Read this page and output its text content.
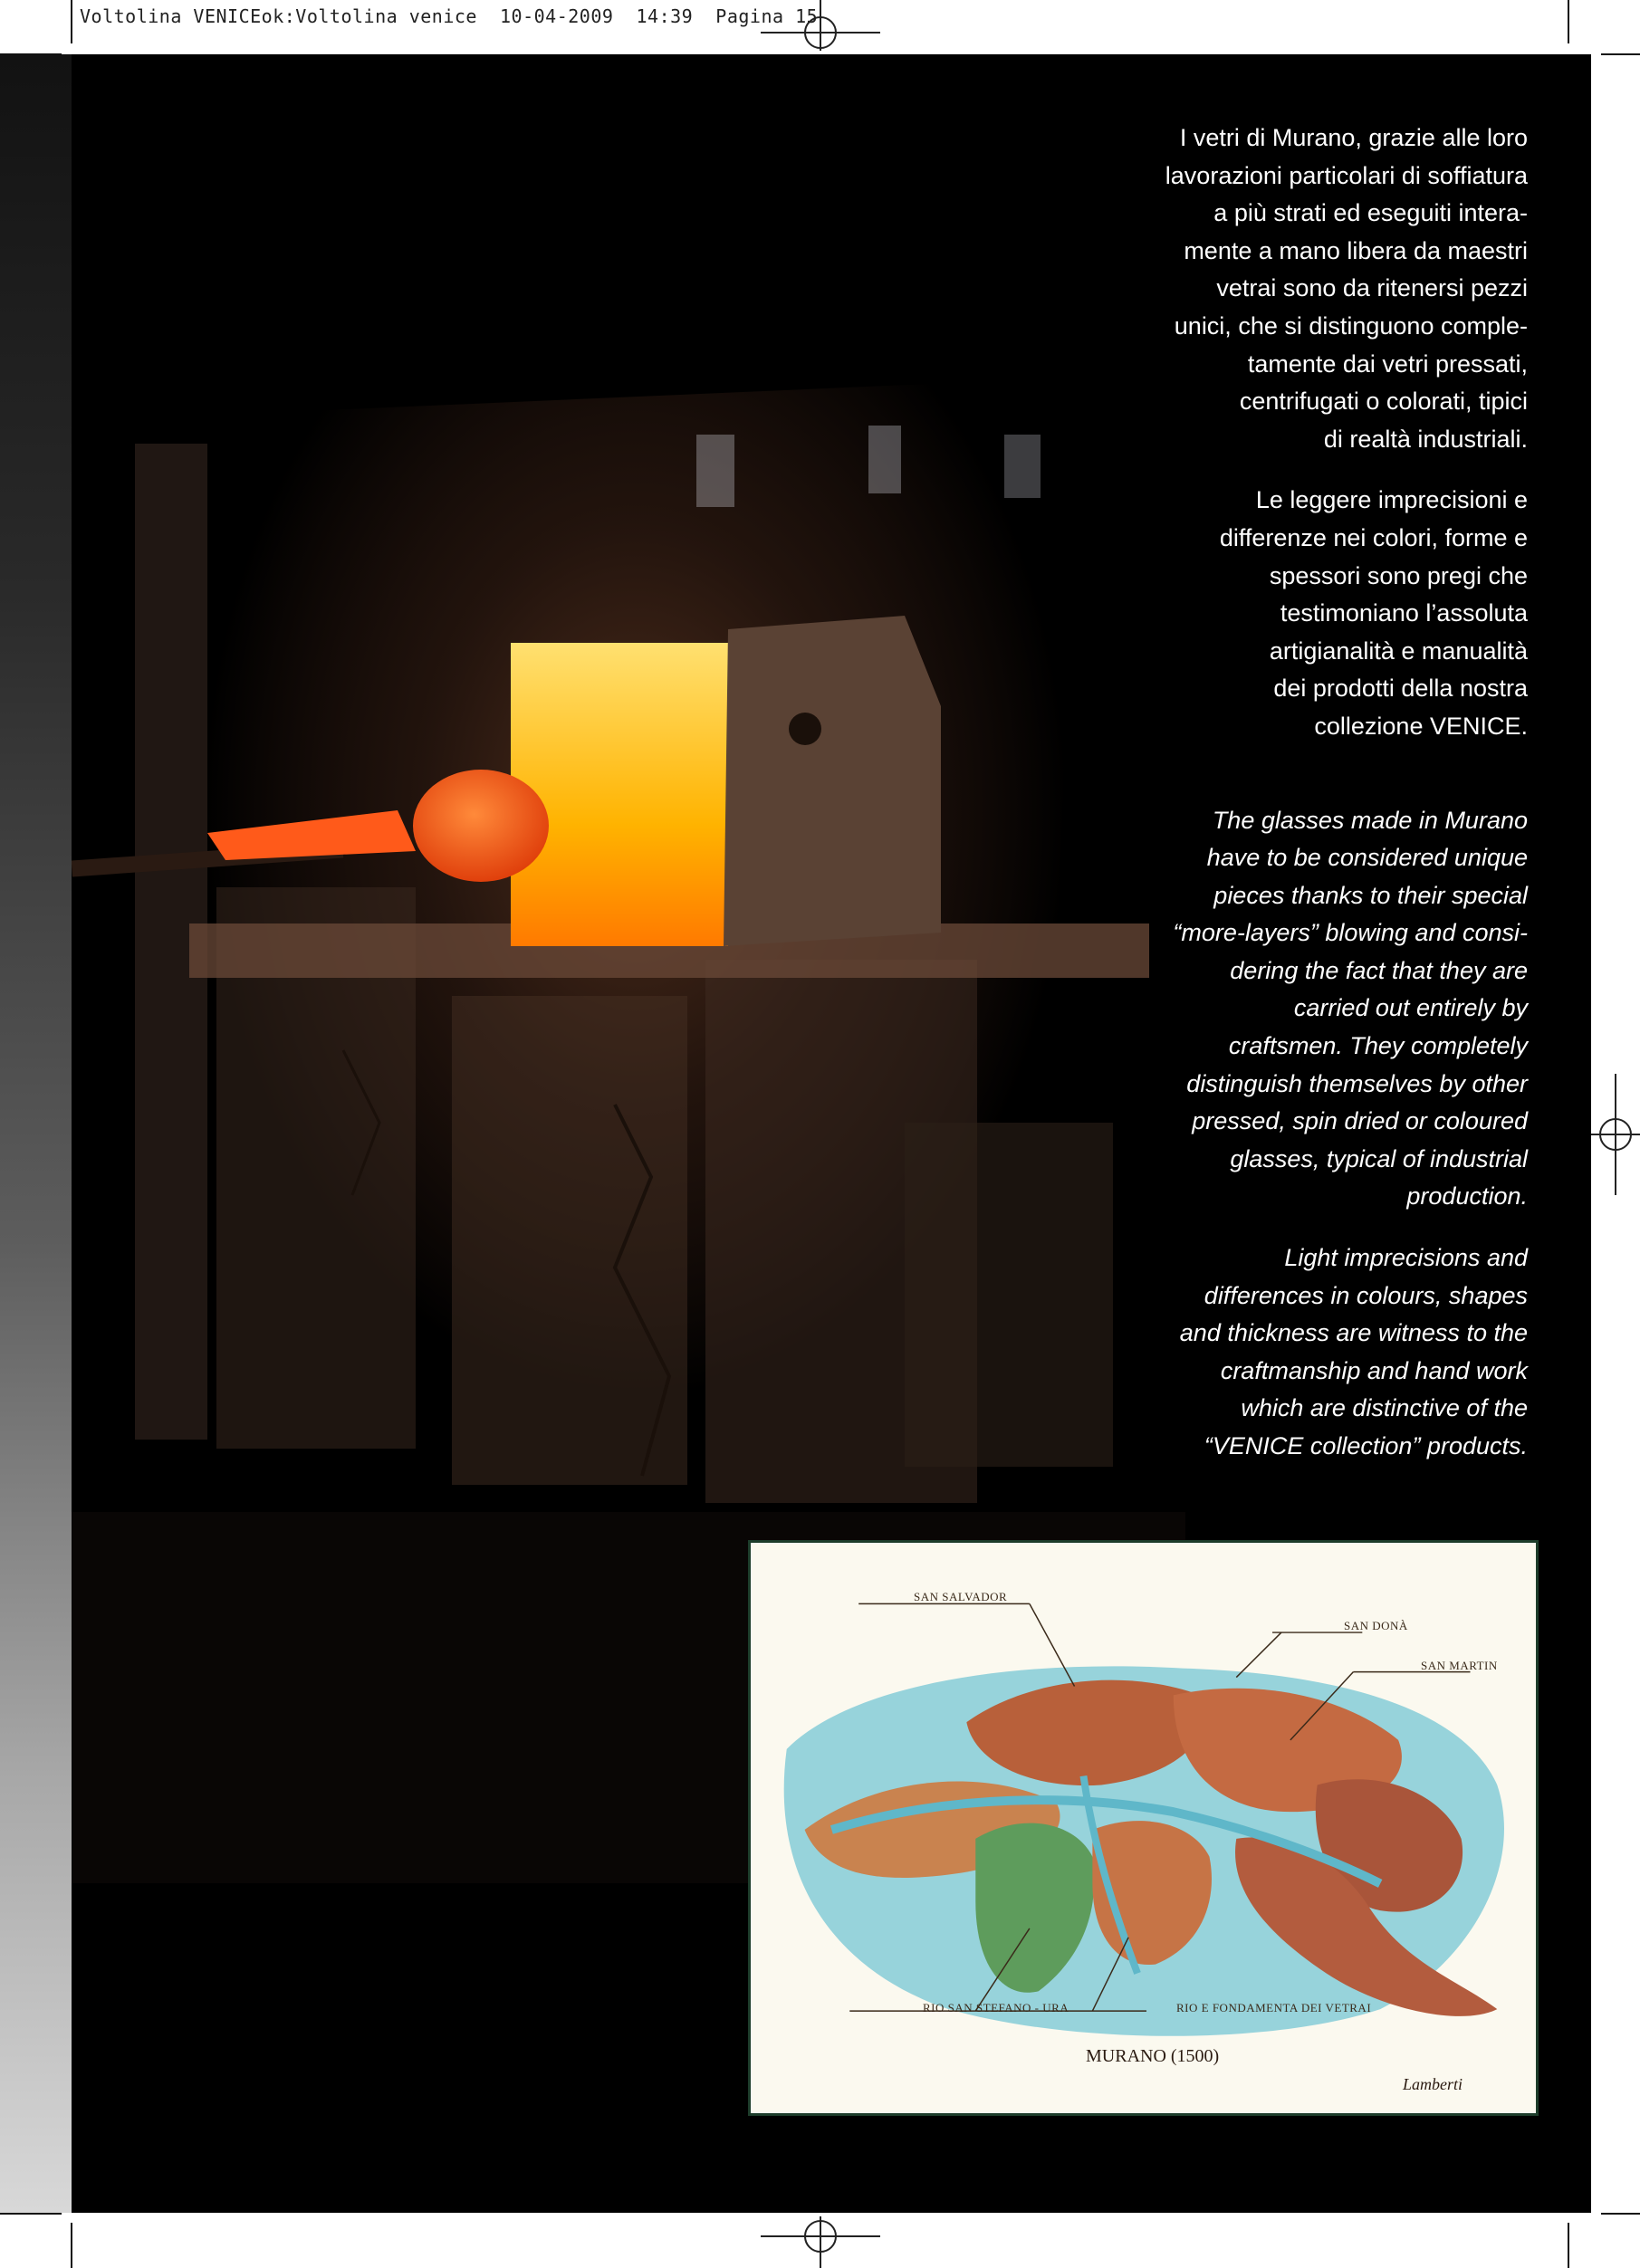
Voltolina VENICEok:Voltolina venice  10-04-2009  14:39  Pagina 15

I vetri di Murano, grazie alle loro
lavorazioni particolari di soffiatura
a più strati ed eseguiti intera-
mente a mano libera da maestri
vetrai sono da ritenersi pezzi
unici, che si distinguono comple-
tamente dai vetri pressati,
centrifugati o colorati, tipici
di realtà industriali.

Le leggere imprecisioni e
differenze nei colori, forme e
spessori sono pregi che
testimoniano l’assoluta
artigianalità e manualità
dei prodotti della nostra
collezione VENICE.

The glasses made in Murano
have to be considered unique
pieces thanks to their special
“more-layers” blowing and consi-
dering the fact that they are
carried out entirely by
craftsmen. They completely
distinguish themselves by other
pressed, spin dried or coloured
glasses, typical of industrial
production.

Light imprecisions and
differences in colours, shapes
and thickness are witness to the
craftmanship and hand work
which are distinctive of the
“VENICE collection” products.

SAN SALVADOR
SAN DONÀ
SAN MARTIN
RIO SAN STEFANO - URA	RIO E FONDAMENTA DEI VETRAI
MURANO (1500)
Lamberti
